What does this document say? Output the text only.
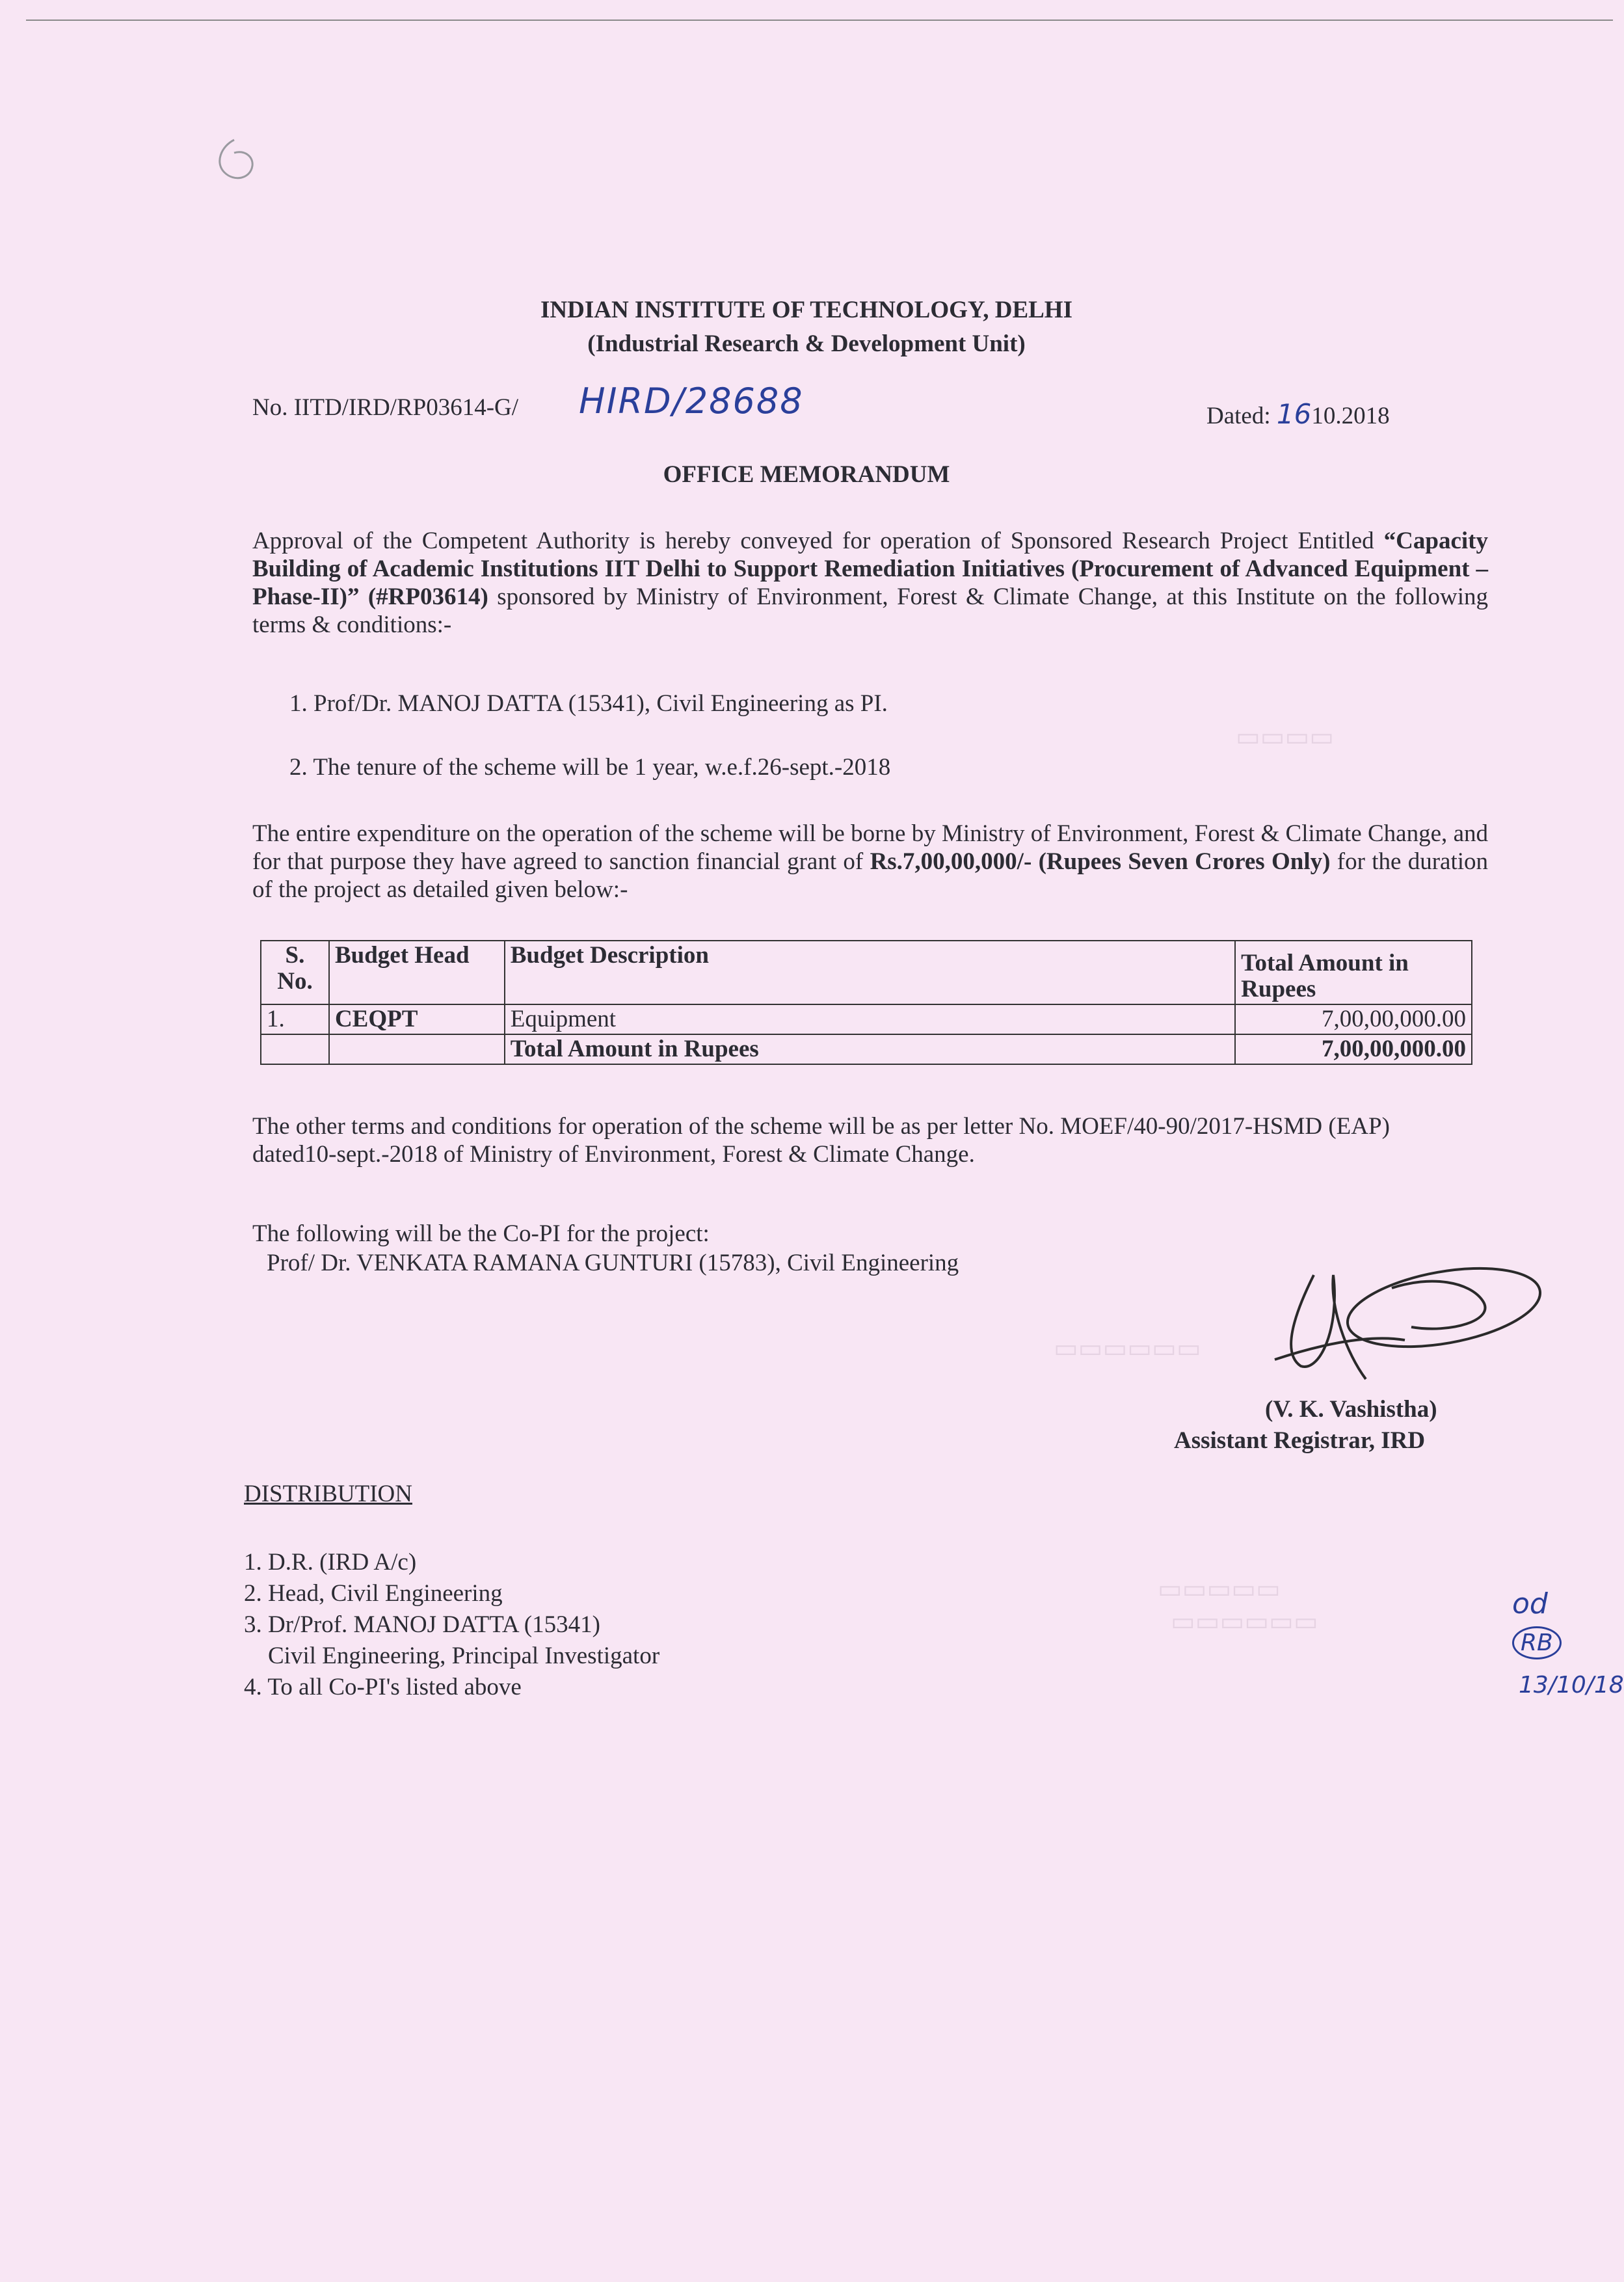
▭▭▭▭
▭▭▭▭▭▭
▭▭▭▭▭
▭▭▭▭▭▭
INDIAN INSTITUTE OF TECHNOLOGY, DELHI
(Industrial Research & Development Unit)
No. IITD/IRD/RP03614-G/ HIRD/28688	Dated: 1610.2018
OFFICE MEMORANDUM
Approval of the Competent Authority is hereby conveyed for operation of Sponsored Research Project Entitled “Capacity Building of Academic Institutions IIT Delhi to Support Remediation Initiatives (Procurement of Advanced Equipment – Phase-II)” (#RP03614) sponsored by Ministry of Environment, Forest & Climate Change, at this Institute on the following terms & conditions:-
1. Prof/Dr. MANOJ DATTA (15341), Civil Engineering as PI.
2. The tenure of the scheme will be 1 year, w.e.f.26-sept.-2018
The entire expenditure on the operation of the scheme will be borne by Ministry of Environment, Forest & Climate Change, and for that purpose they have agreed to sanction financial grant of Rs.7,00,00,000/- (Rupees Seven Crores Only) for the duration of the project as detailed given below:-
S. No.	Budget Head	Budget Description	Total Amount in Rupees
1.	CEQPT	Equipment	7,00,00,000.00
		Total Amount in Rupees	7,00,00,000.00
The other terms and conditions for operation of the scheme will be as per letter No. MOEF/40-90/2017-HSMD (EAP) dated10-sept.-2018 of Ministry of Environment, Forest & Climate Change.
The following will be the Co-PI for the project:
Prof/ Dr. VENKATA RAMANA GUNTURI (15783), Civil Engineering
(V. K. Vashistha)
Assistant Registrar, IRD
DISTRIBUTION
1. D.R. (IRD A/c)
2. Head, Civil Engineering
3. Dr/Prof. MANOJ DATTA (15341)
Civil Engineering, Principal Investigator
4. To all Co-PI's listed above
od
RB
13/10/18
